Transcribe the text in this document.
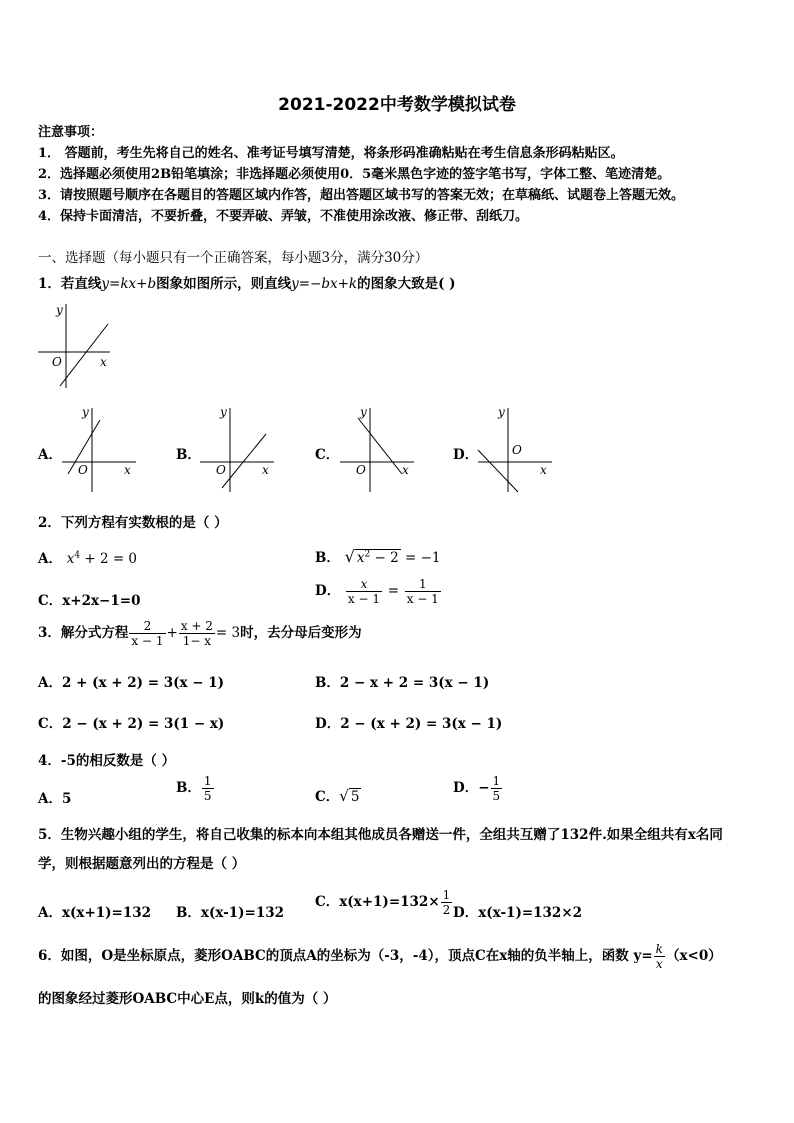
2021-2022中考数学模拟试卷
注意事项：
1． 答题前，考生先将自己的姓名、准考证号填写清楚，将条形码准确粘贴在考生信息条形码粘贴区。
2．选择题必须使用2B铅笔填涂；非选择题必须使用0．5毫米黑色字迹的签字笔书写，字体工整、笔迹清楚。
3．请按照题号顺序在各题目的答题区域内作答，超出答题区域书写的答案无效；在草稿纸、试题卷上答题无效。
4．保持卡面清洁，不要折叠，不要弄破、弄皱，不准使用涂改液、修正带、刮纸刀。
一、选择题（每小题只有一个正确答案，每小题3分，满分30分）
1．若直线y=kx+b图象如图所示，则直线y=−bx+k的图象大致是( )
y
x
O
A．
y
x
O
B．
y
x
O
C．
y
x
O
D．
y
x
O
2．下列方程有实数根的是（ ）
A． $x^4 + 2 = 0$	B． √ $x^2 - 2 = -1$
C．x+2x−1=0
D． $\frac{x}{x - 1} = \frac{1}{x - 1}$
3．解分式方程 $\frac{2}{x - 1} + \frac{x + 2}{1- x} = 3$时，去分母后变形为
A．2 + (x + 2) = 3(x − 1)	B．2 − x + 2 = 3(x − 1)
C．2 − (x + 2) = 3(1 − x)	D．2 − (x + 2) = 3(x − 1)
4．-5的相反数是（ ）
A．5
B． $\frac{1}{5}$	C．√ 5
D．− $\frac{1}{5}$
5．生物兴趣小组的学生，将自己收集的标本向本组其他成员各赠送一件，全组共互赠了132件.如果全组共有x名同
学，则根据题意列出的方程是（ ）
A．x(x+1)=132 B．x(x-1)=132
C．$x(x+1)=132\times \frac{1}{2}$ D．x(x-1)=132×2
6．如图，O是坐标原点，菱形OABC的顶点A的坐标为（-3，-4），顶点C在x轴的负半轴上，函数 $y= \frac{k}{x} (x<0)$
的图象经过菱形OABC中心E点，则k的值为（ ）
